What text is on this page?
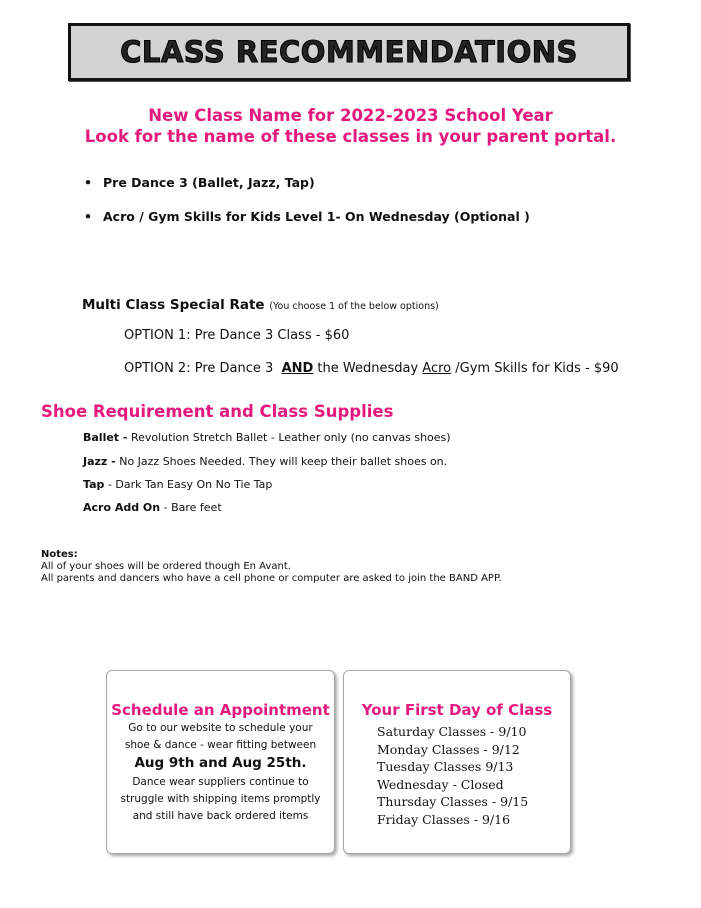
CLASS RECOMMENDATIONS
New Class Name for 2022-2023 School Year
Look for the name of these classes in your parent portal.
• Pre Dance 3 (Ballet, Jazz, Tap)
• Acro / Gym Skills for Kids Level 1- On Wednesday (Optional )
Multi Class Special Rate (You choose 1 of the below options)
OPTION 1: Pre Dance 3 Class - $60
OPTION 2: Pre Dance 3  AND the Wednesday Acro /Gym Skills for Kids - $90
Shoe Requirement and Class Supplies
Ballet - Revolution Stretch Ballet - Leather only (no canvas shoes)
Jazz - No Jazz Shoes Needed. They will keep their ballet shoes on.
Tap - Dark Tan Easy On No Tie Tap
Acro Add On - Bare feet
Notes:
All of your shoes will be ordered though En Avant.
All parents and dancers who have a cell phone or computer are asked to join the BAND APP.
Schedule an Appointment
Go to our website to schedule your
shoe & dance - wear fitting between
Aug 9th and Aug 25th.
Dance wear suppliers continue to
struggle with shipping items promptly
and still have back ordered items
Your First Day of Class
Saturday Classes - 9/10
Monday Classes - 9/12
Tuesday Classes 9/13
Wednesday - Closed
Thursday Classes - 9/15
Friday Classes - 9/16
